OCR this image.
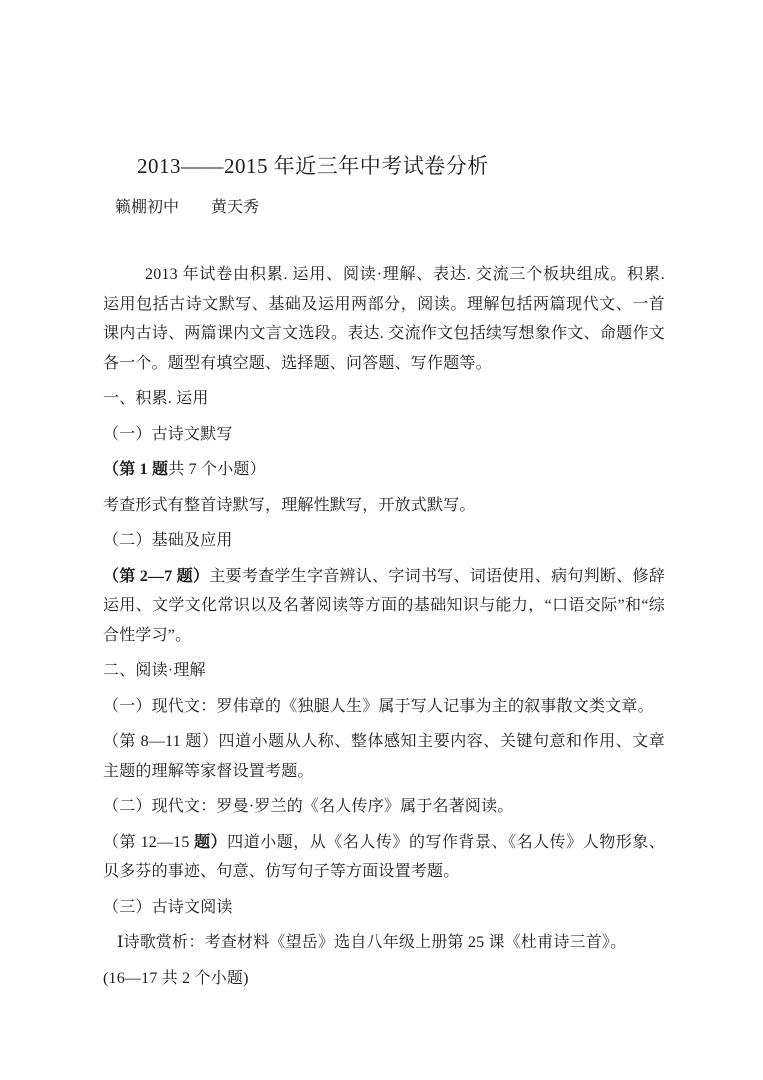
2013——2015 年近三年中考试卷分析

籁棚初中　　黄天秀

2013 年试卷由积累. 运用、阅读·理解、表达. 交流三个板块组成。积累. 运用包括古诗文默写、基础及运用两部分，阅读。理解包括两篇现代文、一首课内古诗、两篇课内文言文选段。表达. 交流作文包括续写想象作文、命题作文各一个。题型有填空题、选择题、问答题、写作题等。

一、积累. 运用

（一）古诗文默写

（第 1 题共 7 个小题）

考查形式有整首诗默写，理解性默写，开放式默写。

（二）基础及应用

（第 2—7 题）主要考查学生字音辨认、字词书写、词语使用、病句判断、修辞运用、文学文化常识以及名著阅读等方面的基础知识与能力，“口语交际”和“综合性学习”。

二、阅读·理解

（一）现代文：罗伟章的《独腿人生》属于写人记事为主的叙事散文类文章。

（第 8—11 题）四道小题从人称、整体感知主要内容、关键句意和作用、文章主题的理解等家督设置考题。

（二）现代文：罗曼·罗兰的《名人传序》属于名著阅读。

（第 12—15 题）四道小题，从《名人传》的写作背景、《名人传》人物形象、贝多芬的事迹、句意、仿写句子等方面设置考题。

（三）古诗文阅读

Ⅰ诗歌赏析：考查材料《望岳》选自八年级上册第 25 课《杜甫诗三首》。

(16—17 共 2 个小题)
